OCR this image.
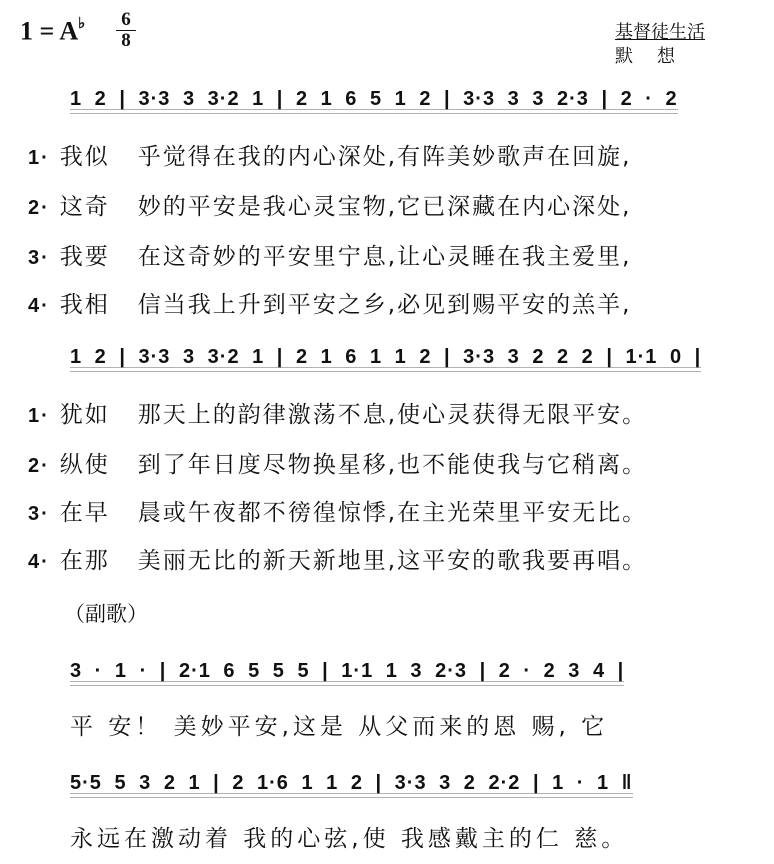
1 = A♭ 6
8	基督徒生活
默想
1 2 | 3·3 3 3·2 1 | 2 1 6 5 1 2 | 3·3 3 3 2·3 | 2 · 2
1· 我似 乎觉得在我的内心深处,有阵美妙歌声在回旋,
2· 这奇 妙的平安是我心灵宝物,它已深藏在内心深处,
3· 我要 在这奇妙的平安里宁息,让心灵睡在我主爱里,
4· 我相 信当我上升到平安之乡,必见到赐平安的羔羊,
1 2 | 3·3 3 3·2 1 | 2 1 6 1 1 2 | 3·3 3 2 2 2 | 1·1 0 |
1· 犹如 那天上的韵律激荡不息,使心灵获得无限平安。
2· 纵使 到了年日度尽物换星移,也不能使我与它稍离。
3· 在早 晨或午夜都不徬徨惊悸,在主光荣里平安无比。
4· 在那 美丽无比的新天新地里,这平安的歌我要再唱。
（副歌）
3 · 1 · | 2·1 6 5 5 5 | 1·1 1 3 2·3 | 2 · 2 3 4 |
平 安！ 美妙平安,这是 从父而来的恩 赐, 它
5·5 5 3 2 1 | 2 1·6 1 1 2 | 3·3 3 2 2·2 | 1 · 1 ‖
永远在激动着 我的心弦,使 我感戴主的仁 慈。
